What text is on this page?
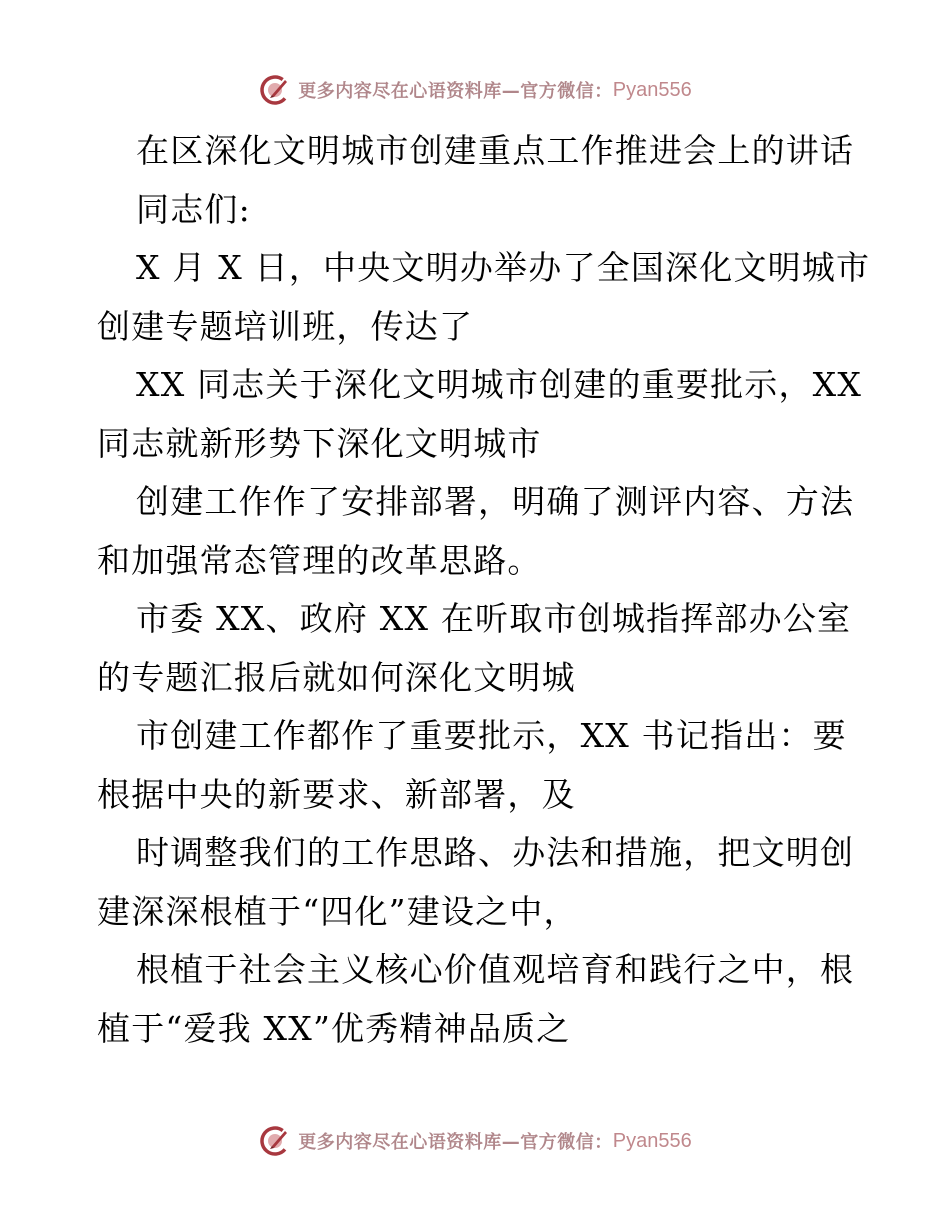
更多内容尽在心语资料库—官方微信： Pyan556
在区深化文明城市创建重点工作推进会上的讲话
同志们:
X 月 X 日，中央文明办举办了全国深化文明城市
创建专题培训班，传达了
XX 同志关于深化文明城市创建的重要批示，XX
同志就新形势下深化文明城市
创建工作作了安排部署，明确了测评内容、方法
和加强常态管理的改革思路。
市委 XX、政府 XX 在听取市创城指挥部办公室
的专题汇报后就如何深化文明城
市创建工作都作了重要批示，XX 书记指出：要
根据中央的新要求、新部署，及
时调整我们的工作思路、办法和措施，把文明创
建深深根植于“四化”建设之中，
根植于社会主义核心价值观培育和践行之中，根
植于“爱我 XX”优秀精神品质之
更多内容尽在心语资料库—官方微信： Pyan556
